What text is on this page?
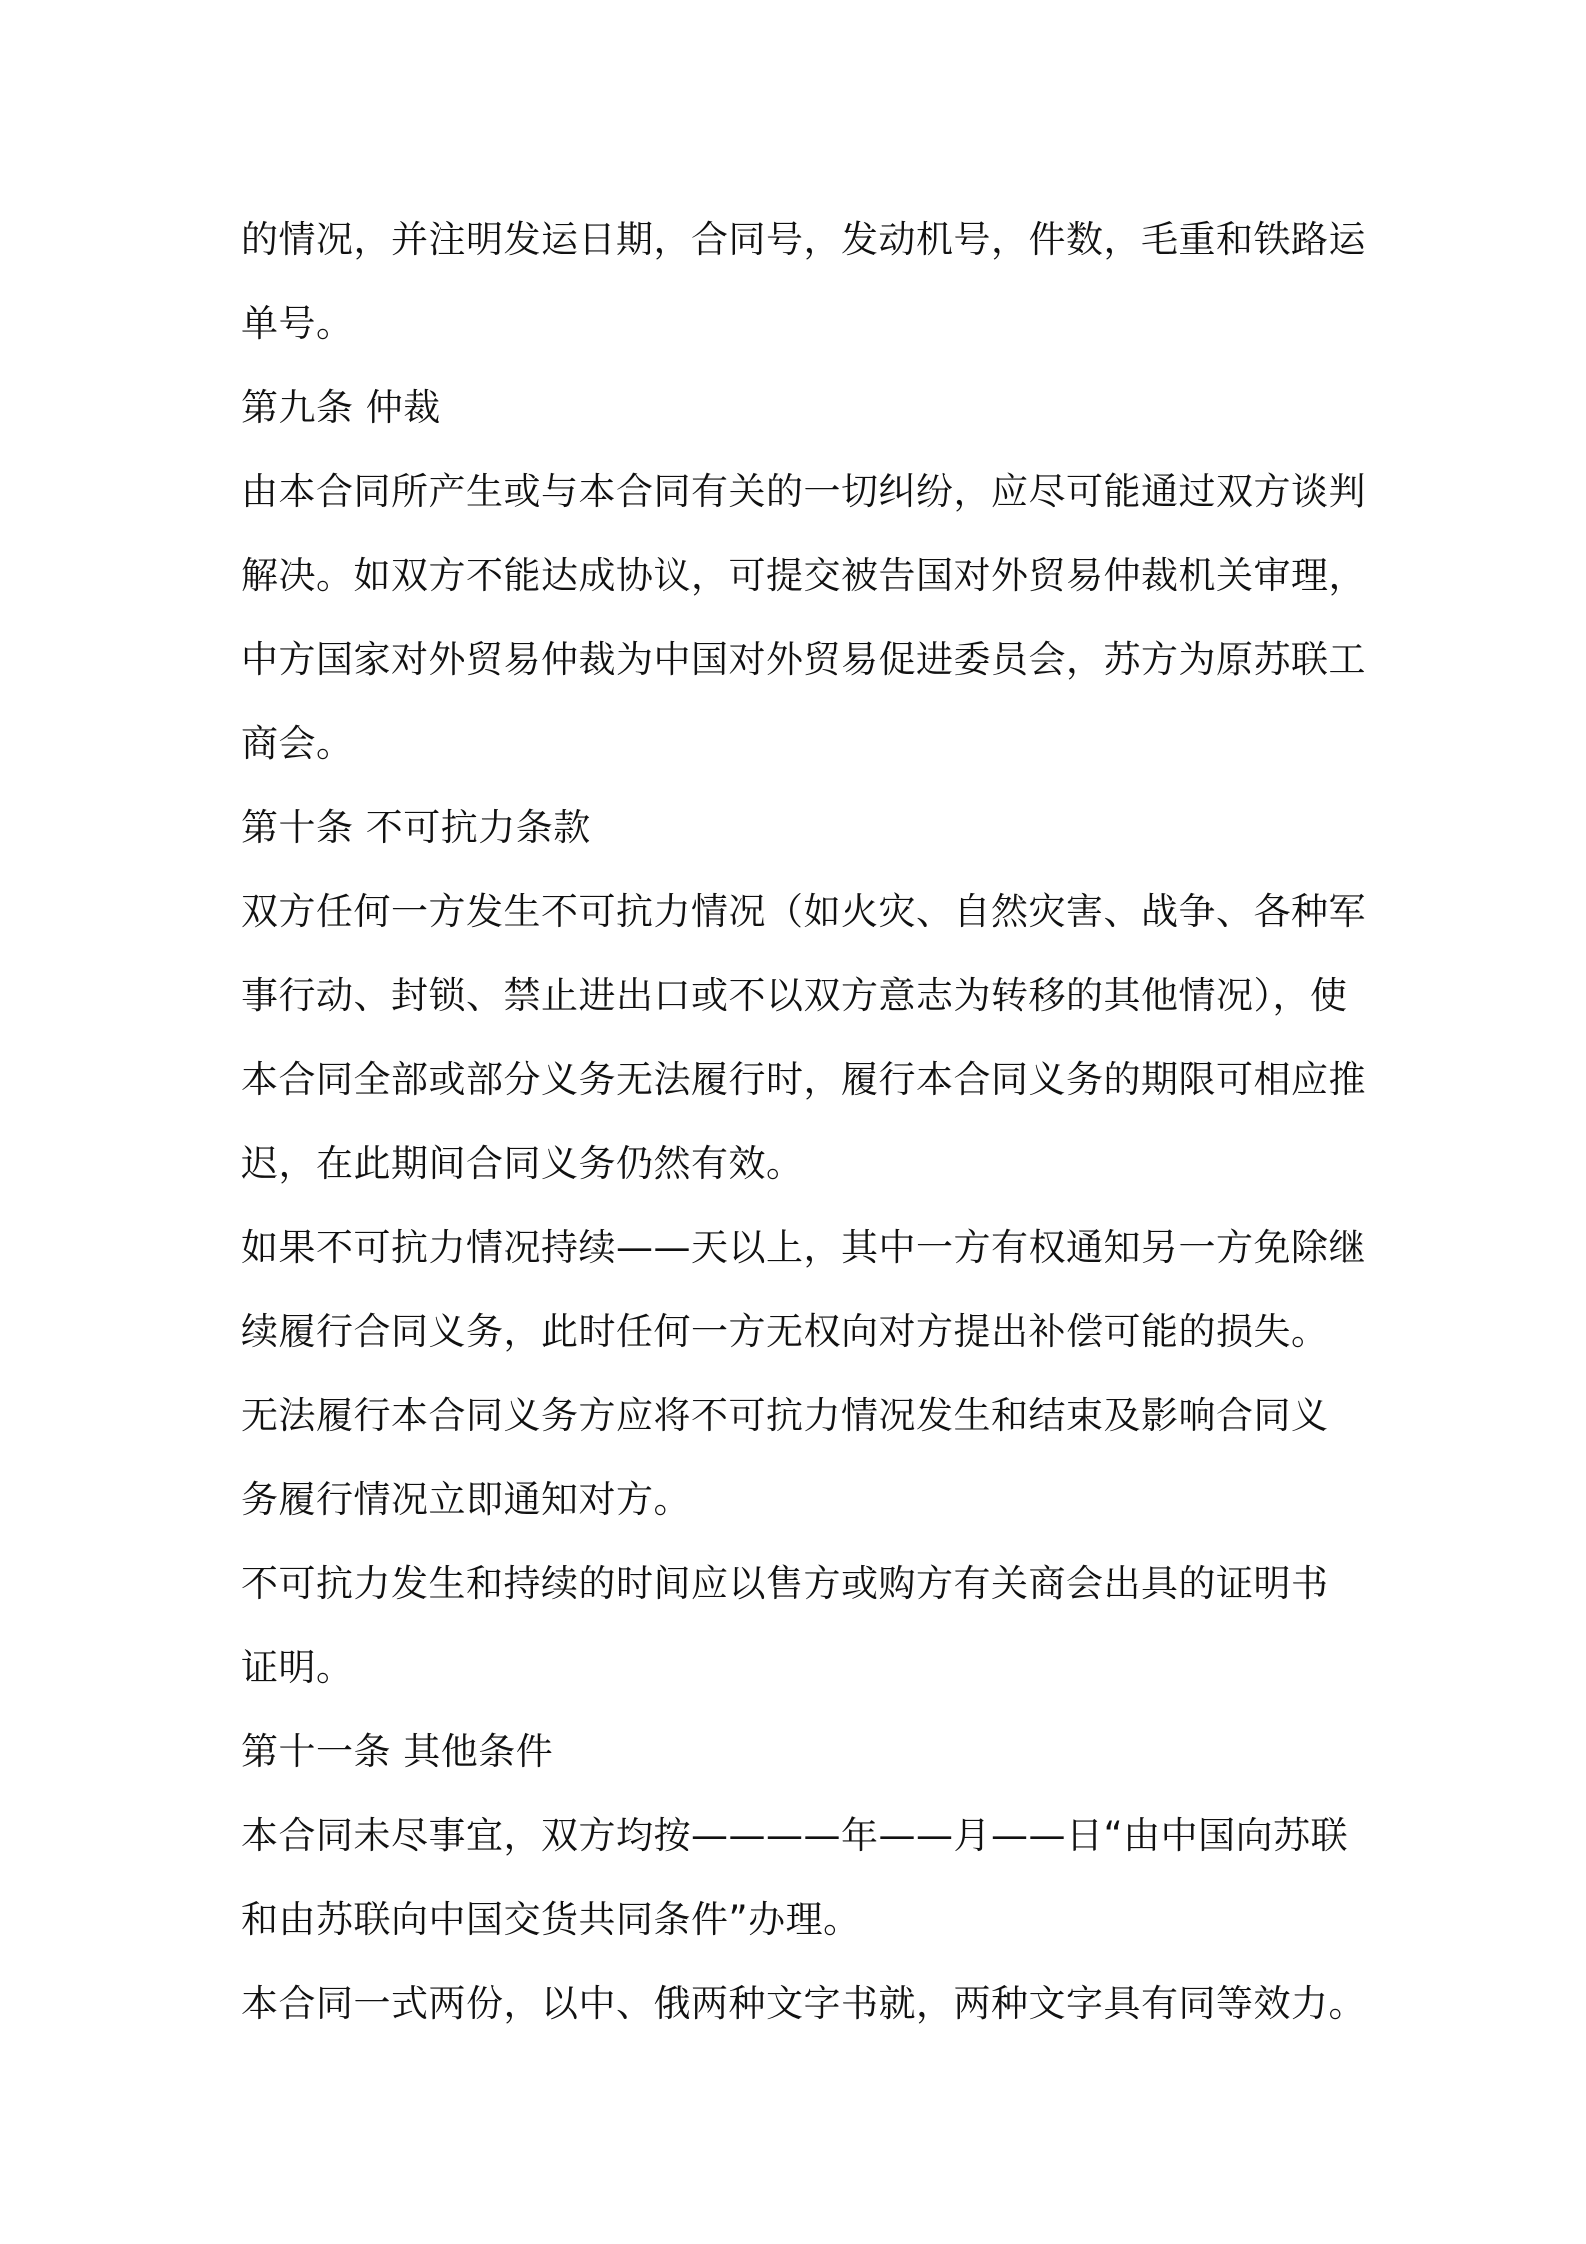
的情况，并注明发运日期，合同号，发动机号，件数，毛重和铁路运
单号。
第九条 仲裁
由本合同所产生或与本合同有关的一切纠纷，应尽可能通过双方谈判
解决。如双方不能达成协议，可提交被告国对外贸易仲裁机关审理，
中方国家对外贸易仲裁为中国对外贸易促进委员会，苏方为原苏联工
商会。
第十条 不可抗力条款
双方任何一方发生不可抗力情况（如火灾、自然灾害、战争、各种军
事行动、封锁、禁止进出口或不以双方意志为转移的其他情况），使
本合同全部或部分义务无法履行时，履行本合同义务的期限可相应推
迟，在此期间合同义务仍然有效。
如果不可抗力情况持续——天以上，其中一方有权通知另一方免除继
续履行合同义务，此时任何一方无权向对方提出补偿可能的损失。
无法履行本合同义务方应将不可抗力情况发生和结束及影响合同义
务履行情况立即通知对方。
不可抗力发生和持续的时间应以售方或购方有关商会出具的证明书
证明。
第十一条 其他条件
本合同未尽事宜，双方均按————年——月——日“由中国向苏联
和由苏联向中国交货共同条件”办理。
本合同一式两份，以中、俄两种文字书就，两种文字具有同等效力。
